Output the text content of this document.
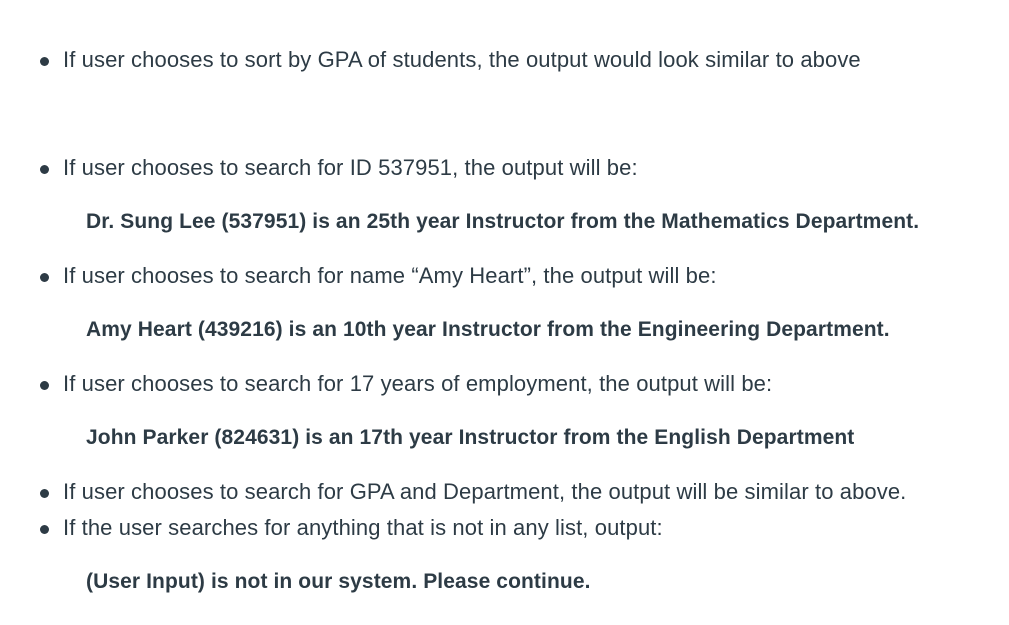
If user chooses to sort by GPA of students, the output would look similar to above
If user chooses to search for ID 537951, the output will be:
Dr. Sung Lee (537951) is an 25th year Instructor from the Mathematics Department.
If user chooses to search for name “Amy Heart”, the output will be:
Amy Heart (439216) is an 10th year Instructor from the Engineering Department.
If user chooses to search for 17 years of employment, the output will be:
John Parker (824631) is an 17th year Instructor from the English Department
If user chooses to search for GPA and Department, the output will be similar to above.
If the user searches for anything that is not in any list, output:
(User Input) is not in our system. Please continue.
